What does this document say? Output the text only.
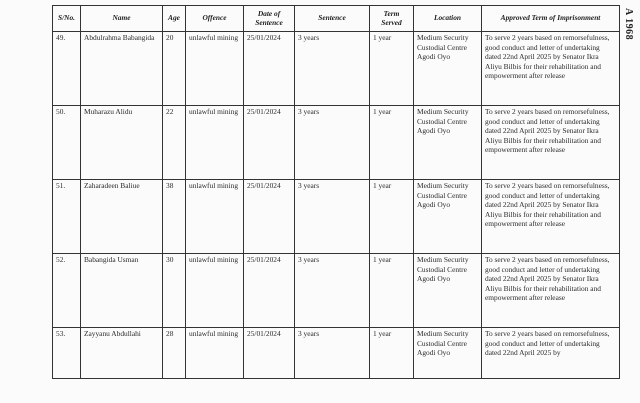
S/No.	Name	Age	Offence	Date of Sentence	Sentence	Term Served	Location	Approved Term of Imprisonment
49.	Abdulrahma Babangida	20	unlawful mining	25/01/2024	3 years	1 year	Medium Security Custodial Centre Agodi Oyo	To serve 2 years based on remorsefulness, good conduct and letter of undertaking dated 22nd April 2025 by Senator Ikra Aliyu Bilbis for their rehabilitation and empowerment after release
50.	Muharazu Alidu	22	unlawful mining	25/01/2024	3 years	1 year	Medium Security Custodial Centre Agodi Oyo	To serve 2 years based on remorsefulness, good conduct and letter of undertaking dated 22nd April 2025 by Senator Ikra Aliyu Bilbis for their rehabilitation and empowerment after release
51.	Zaharadeen Baliue	38	unlawful mining	25/01/2024	3 years	1 year	Medium Security Custodial Centre Agodi Oyo	To serve 2 years based on remorsefulness, good conduct and letter of undertaking dated 22nd April 2025 by Senator Ikra Aliyu Bilbis for their rehabilitation and empowerment after release
52.	Babangida Usman	30	unlawful mining	25/01/2024	3 years	1 year	Medium Security Custodial Centre Agodi Oyo	To serve 2 years based on remorsefulness, good conduct and letter of undertaking dated 22nd April 2025 by Senator Ikra Aliyu Bilbis for their rehabilitation and empowerment after release
53.	Zayyanu Abdullahi	28	unlawful mining	25/01/2024	3 years	1 year	Medium Security Custodial Centre Agodi Oyo	To serve 2 years based on remorsefulness, good conduct and letter of undertaking dated 22nd April 2025 by
A 1968
